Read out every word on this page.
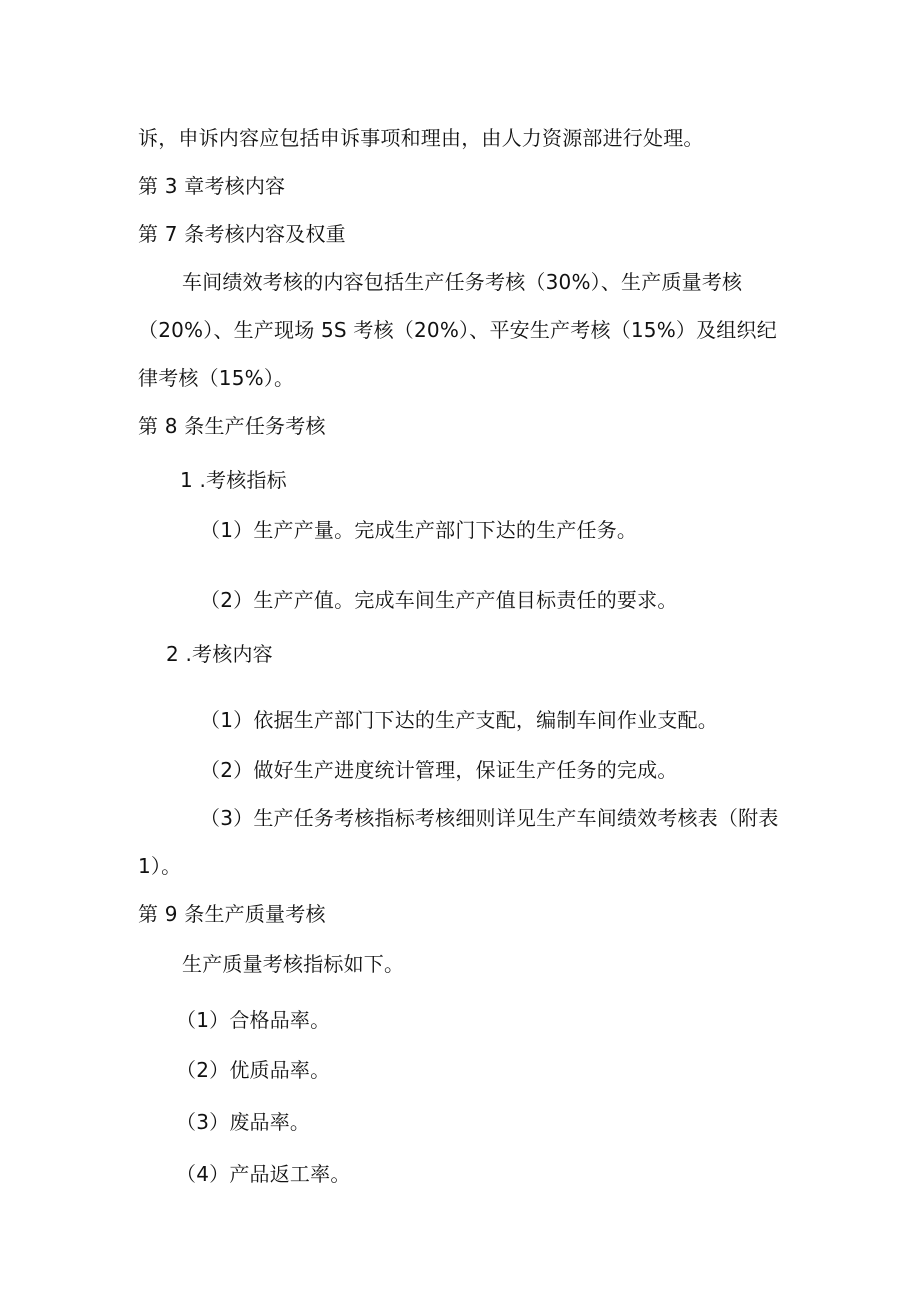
诉，申诉内容应包括申诉事项和理由，由人力资源部进行处理。
第 3 章考核内容
第 7 条考核内容及权重
车间绩效考核的内容包括生产任务考核（30%）、生产质量考核
（20%）、生产现场 5S 考核（20%）、平安生产考核（15%）及组织纪
律考核（15%）。
第 8 条生产任务考核
1 .考核指标
（1）生产产量。完成生产部门下达的生产任务。
（2）生产产值。完成车间生产产值目标责任的要求。
2 .考核内容
（1）依据生产部门下达的生产支配，编制车间作业支配。
（2）做好生产进度统计管理，保证生产任务的完成。
（3）生产任务考核指标考核细则详见生产车间绩效考核表（附表
1）。
第 9 条生产质量考核
生产质量考核指标如下。
（1）合格品率。
（2）优质品率。
（3）废品率。
（4）产品返工率。
